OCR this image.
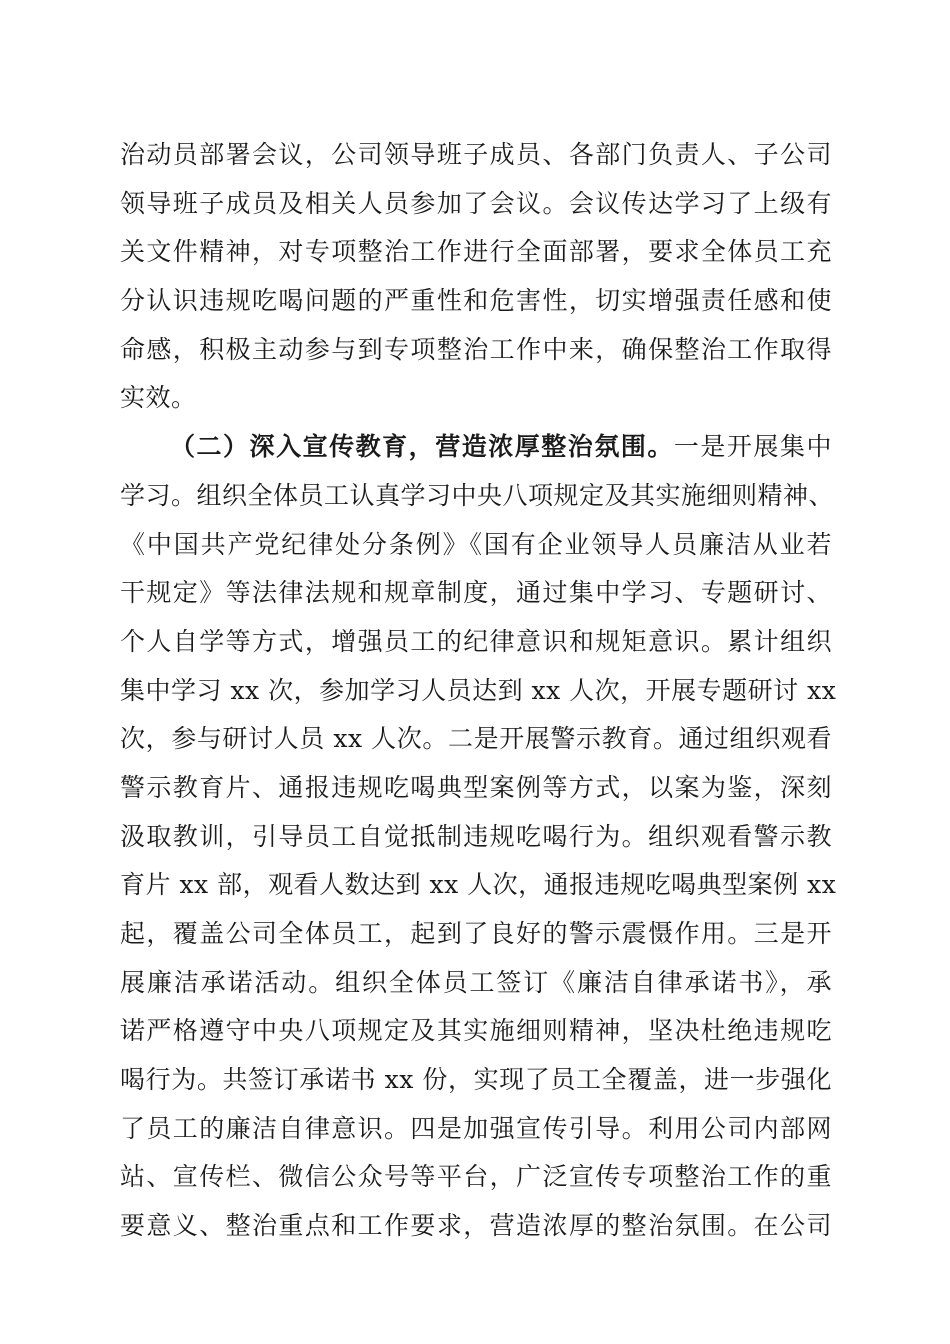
治动员部署会议，公司领导班子成员、各部门负责人、子公司
领导班子成员及相关人员参加了会议。会议传达学习了上级有
关文件精神，对专项整治工作进行全面部署，要求全体员工充
分认识违规吃喝问题的严重性和危害性，切实增强责任感和使
命感，积极主动参与到专项整治工作中来，确保整治工作取得
实效。
（二）深入宣传教育，营造浓厚整治氛围。一是开展集中
学习。组织全体员工认真学习中央八项规定及其实施细则精神、
《中国共产党纪律处分条例》《国有企业领导人员廉洁从业若
干规定》等法律法规和规章制度，通过集中学习、专题研讨、
个人自学等方式，增强员工的纪律意识和规矩意识。累计组织
集中学习 xx 次，参加学习人员达到 xx 人次，开展专题研讨 xx
次，参与研讨人员 xx 人次。二是开展警示教育。通过组织观看
警示教育片、通报违规吃喝典型案例等方式，以案为鉴，深刻
汲取教训，引导员工自觉抵制违规吃喝行为。组织观看警示教
育片 xx 部，观看人数达到 xx 人次，通报违规吃喝典型案例 xx
起，覆盖公司全体员工，起到了良好的警示震慑作用。三是开
展廉洁承诺活动。组织全体员工签订《廉洁自律承诺书》，承
诺严格遵守中央八项规定及其实施细则精神，坚决杜绝违规吃
喝行为。共签订承诺书 xx 份，实现了员工全覆盖，进一步强化
了员工的廉洁自律意识。四是加强宣传引导。利用公司内部网
站、宣传栏、微信公众号等平台，广泛宣传专项整治工作的重
要意义、整治重点和工作要求，营造浓厚的整治氛围。在公司
